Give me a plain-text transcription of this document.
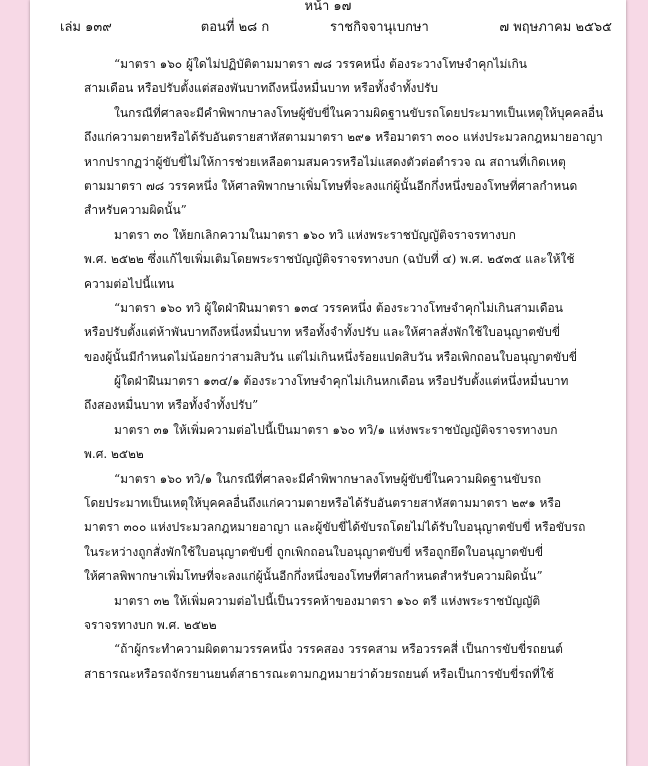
หน้า ๑๗
เล่ม ๑๓๙	ตอนที่ ๒๘ ก	ราชกิจจานุเบกษา	๗ พฤษภาคม ๒๕๖๕
“มาตรา ๑๖๐ ผู้ใดไม่ปฏิบัติตามมาตรา ๗๘ วรรคหนึ่ง ต้องระวางโทษจำคุกไม่เกิน
สามเดือน หรือปรับตั้งแต่สองพันบาทถึงหนึ่งหมื่นบาท หรือทั้งจำทั้งปรับ
ในกรณีที่ศาลจะมีคำพิพากษาลงโทษผู้ขับขี่ในความผิดฐานขับรถโดยประมาทเป็นเหตุให้บุคคลอื่น
ถึงแก่ความตายหรือได้รับอันตรายสาหัสตามมาตรา ๒๙๑ หรือมาตรา ๓๐๐ แห่งประมวลกฎหมายอาญา
หากปรากฏว่าผู้ขับขี่ไม่ให้การช่วยเหลือตามสมควรหรือไม่แสดงตัวต่อตำรวจ ณ สถานที่เกิดเหตุ
ตามมาตรา ๗๘ วรรคหนึ่ง ให้ศาลพิพากษาเพิ่มโทษที่จะลงแก่ผู้นั้นอีกกึ่งหนึ่งของโทษที่ศาลกำหนด
สำหรับความผิดนั้น”
มาตรา ๓๐ ให้ยกเลิกความในมาตรา ๑๖๐ ทวิ แห่งพระราชบัญญัติจราจรทางบก
พ.ศ. ๒๕๒๒ ซึ่งแก้ไขเพิ่มเติมโดยพระราชบัญญัติจราจรทางบก (ฉบับที่ ๔) พ.ศ. ๒๕๓๕ และให้ใช้
ความต่อไปนี้แทน
“มาตรา ๑๖๐ ทวิ ผู้ใดฝ่าฝืนมาตรา ๑๓๔ วรรคหนึ่ง ต้องระวางโทษจำคุกไม่เกินสามเดือน
หรือปรับตั้งแต่ห้าพันบาทถึงหนึ่งหมื่นบาท หรือทั้งจำทั้งปรับ และให้ศาลสั่งพักใช้ใบอนุญาตขับขี่
ของผู้นั้นมีกำหนดไม่น้อยกว่าสามสิบวัน แต่ไม่เกินหนึ่งร้อยแปดสิบวัน หรือเพิกถอนใบอนุญาตขับขี่
ผู้ใดฝ่าฝืนมาตรา ๑๓๔/๑ ต้องระวางโทษจำคุกไม่เกินหกเดือน หรือปรับตั้งแต่หนึ่งหมื่นบาท
ถึงสองหมื่นบาท หรือทั้งจำทั้งปรับ”
มาตรา ๓๑ ให้เพิ่มความต่อไปนี้เป็นมาตรา ๑๖๐ ทวิ/๑ แห่งพระราชบัญญัติจราจรทางบก
พ.ศ. ๒๕๒๒
“มาตรา ๑๖๐ ทวิ/๑ ในกรณีที่ศาลจะมีคำพิพากษาลงโทษผู้ขับขี่ในความผิดฐานขับรถ
โดยประมาทเป็นเหตุให้บุคคลอื่นถึงแก่ความตายหรือได้รับอันตรายสาหัสตามมาตรา ๒๙๑ หรือ
มาตรา ๓๐๐ แห่งประมวลกฎหมายอาญา และผู้ขับขี่ได้ขับรถโดยไม่ได้รับใบอนุญาตขับขี่ หรือขับรถ
ในระหว่างถูกสั่งพักใช้ใบอนุญาตขับขี่ ถูกเพิกถอนใบอนุญาตขับขี่ หรือถูกยึดใบอนุญาตขับขี่
ให้ศาลพิพากษาเพิ่มโทษที่จะลงแก่ผู้นั้นอีกกึ่งหนึ่งของโทษที่ศาลกำหนดสำหรับความผิดนั้น”
มาตรา ๓๒ ให้เพิ่มความต่อไปนี้เป็นวรรคห้าของมาตรา ๑๖๐ ตรี แห่งพระราชบัญญัติ
จราจรทางบก พ.ศ. ๒๕๒๒
“ถ้าผู้กระทำความผิดตามวรรคหนึ่ง วรรคสอง วรรคสาม หรือวรรคสี่ เป็นการขับขี่รถยนต์
สาธารณะหรือรถจักรยานยนต์สาธารณะตามกฎหมายว่าด้วยรถยนต์ หรือเป็นการขับขี่รถที่ใช้
